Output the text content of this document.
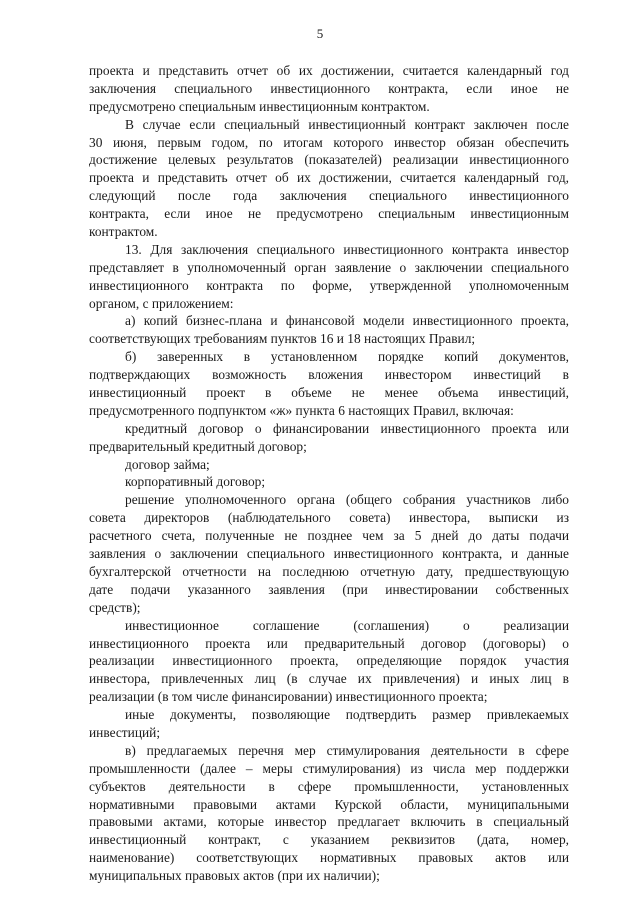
5
проекта и представить отчет об их достижении, считается календарный год
заключения специального инвестиционного контракта, если иное не
предусмотрено специальным инвестиционным контрактом.
В случае если специальный инвестиционный контракт заключен после
30 июня, первым годом, по итогам которого инвестор обязан обеспечить
достижение целевых результатов (показателей) реализации инвестиционного
проекта и представить отчет об их достижении, считается календарный год,
следующий после года заключения специального инвестиционного
контракта, если иное не предусмотрено специальным инвестиционным
контрактом.
13. Для заключения специального инвестиционного контракта инвестор
представляет в уполномоченный орган заявление о заключении специального
инвестиционного контракта по форме, утвержденной уполномоченным
органом, с приложением:
а) копий бизнес-плана и финансовой модели инвестиционного проекта,
соответствующих требованиям пунктов 16 и 18 настоящих Правил;
б) заверенных в установленном порядке копий документов,
подтверждающих возможность вложения инвестором инвестиций в
инвестиционный проект в объеме не менее объема инвестиций,
предусмотренного подпунктом «ж» пункта 6 настоящих Правил, включая:
кредитный договор о финансировании инвестиционного проекта или
предварительный кредитный договор;
договор займа;
корпоративный договор;
решение уполномоченного органа (общего собрания участников либо
совета директоров (наблюдательного совета) инвестора, выписки из
расчетного счета, полученные не позднее чем за 5 дней до даты подачи
заявления о заключении специального инвестиционного контракта, и данные
бухгалтерской отчетности на последнюю отчетную дату, предшествующую
дате подачи указанного заявления (при инвестировании собственных
средств);
инвестиционное соглашение (соглашения) о реализации
инвестиционного проекта или предварительный договор (договоры) о
реализации инвестиционного проекта, определяющие порядок участия
инвестора, привлеченных лиц (в случае их привлечения) и иных лиц в
реализации (в том числе финансировании) инвестиционного проекта;
иные документы, позволяющие подтвердить размер привлекаемых
инвестиций;
в) предлагаемых перечня мер стимулирования деятельности в сфере
промышленности (далее – меры стимулирования) из числа мер поддержки
субъектов деятельности в сфере промышленности, установленных
нормативными правовыми актами Курской области, муниципальными
правовыми актами, которые инвестор предлагает включить в специальный
инвестиционный контракт, с указанием реквизитов (дата, номер,
наименование) соответствующих нормативных правовых актов или
муниципальных правовых актов (при их наличии);
